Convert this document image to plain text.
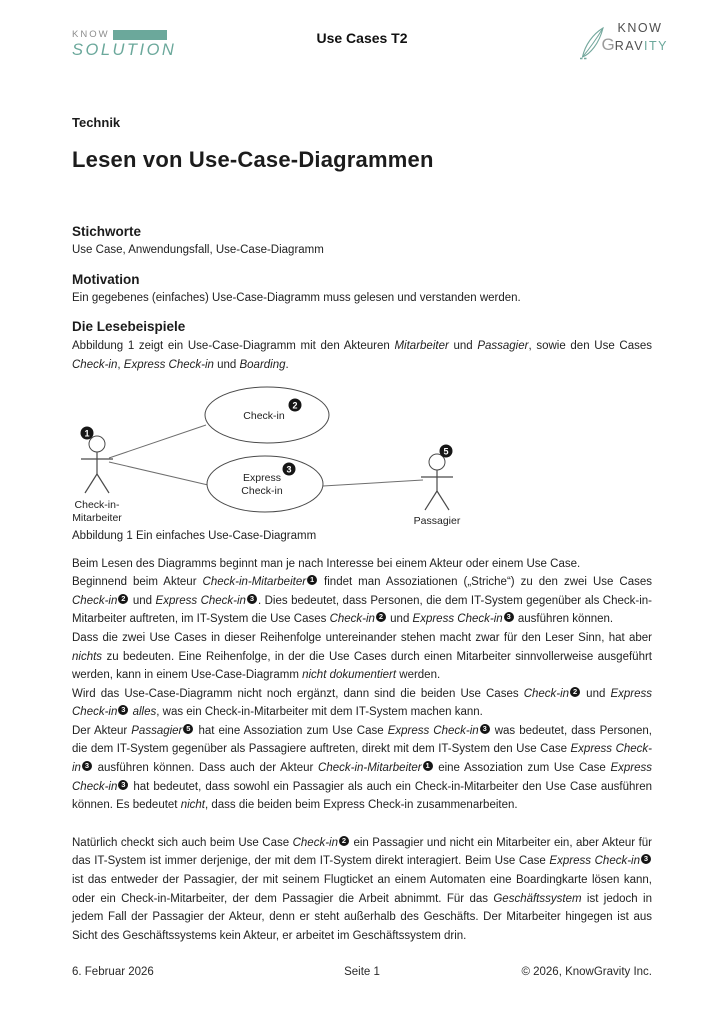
Use Cases T2
KNOW
SOLUTION
KNOW
GRAVITY
Technik
Lesen von Use-Case-Diagrammen
Stichworte

Use Case, Anwendungsfall, Use-Case-Diagramm

Motivation

Ein gegebenes (einfaches) Use-Case-Diagramm muss gelesen und verstanden werden.

Die Lesebeispiele

Abbildung 1 zeigt ein Use-Case-Diagramm mit den Akteuren Mitarbeiter und Passagier, sowie den Use Cases Check-in, Express Check-in und Boarding.

1
Check-in-
Mitarbeiter
Check-in
2
Express
Check-in
3
5
Passagier
Abbildung 1 Ein einfaches Use-Case-Diagramm
Beim Lesen des Diagramms beginnt man je nach Interesse bei einem Akteur oder einem Use Case.
Beginnend beim Akteur Check-in-Mitarbeiter $^1$ findet man Assoziationen („Striche“) zu den zwei Use Cases Check-in $^2$ und Express Check-in $^3$ . Dies bedeutet, dass Personen, die dem IT-System gegenüber als Check-in-Mitarbeiter auftreten, im IT-System die Use Cases Check-in $^2$ und Express Check-in $^3$ ausführen können.
Dass die zwei Use Cases in dieser Reihenfolge untereinander stehen macht zwar für den Leser Sinn, hat aber nichts zu bedeuten. Eine Reihenfolge, in der die Use Cases durch einen Mitarbeiter sinnvollerweise ausgeführt werden, kann in einem Use-Case-Diagramm nicht dokumentiert werden.
Wird das Use-Case-Diagramm nicht noch ergänzt, dann sind die beiden Use Cases Check-in $^2$ und Express Check-in $^3$ alles, was ein Check-in-Mitarbeiter mit dem IT-System machen kann.
Der Akteur Passagier $^5$ hat eine Assoziation zum Use Case Express Check-in $^3$ was bedeutet, dass Personen, die dem IT-System gegenüber als Passagiere auftreten, direkt mit dem IT-System den Use Case Express Check-in $^3$ ausführen können. Dass auch der Akteur Check-in-Mitarbeiter $^1$ eine Assoziation zum Use Case Express Check-in $^3$ hat bedeutet, dass sowohl ein Passagier als auch ein Check-in-Mitarbeiter den Use Case ausführen können. Es bedeutet nicht, dass die beiden beim Express Check-in zusammenarbeiten.
Natürlich checkt sich auch beim Use Case Check-in $^2$ ein Passagier und nicht ein Mitarbeiter ein, aber Akteur für das IT-System ist immer derjenige, der mit dem IT-System direkt interagiert. Beim Use Case Express Check-in $^3$ ist das entweder der Passagier, der mit seinem Flugticket an einem Automaten eine Boardingkarte lösen kann, oder ein Check-in-Mitarbeiter, der dem Passagier die Arbeit abnimmt. Für das Geschäftssystem ist jedoch in jedem Fall der Passagier der Akteur, denn er steht außerhalb des Geschäfts. Der Mitarbeiter hingegen ist aus Sicht des Geschäftssystems kein Akteur, er arbeitet im Geschäftssystem drin.
6. Februar 2026	Seite 1	© 2026, KnowGravity Inc.
